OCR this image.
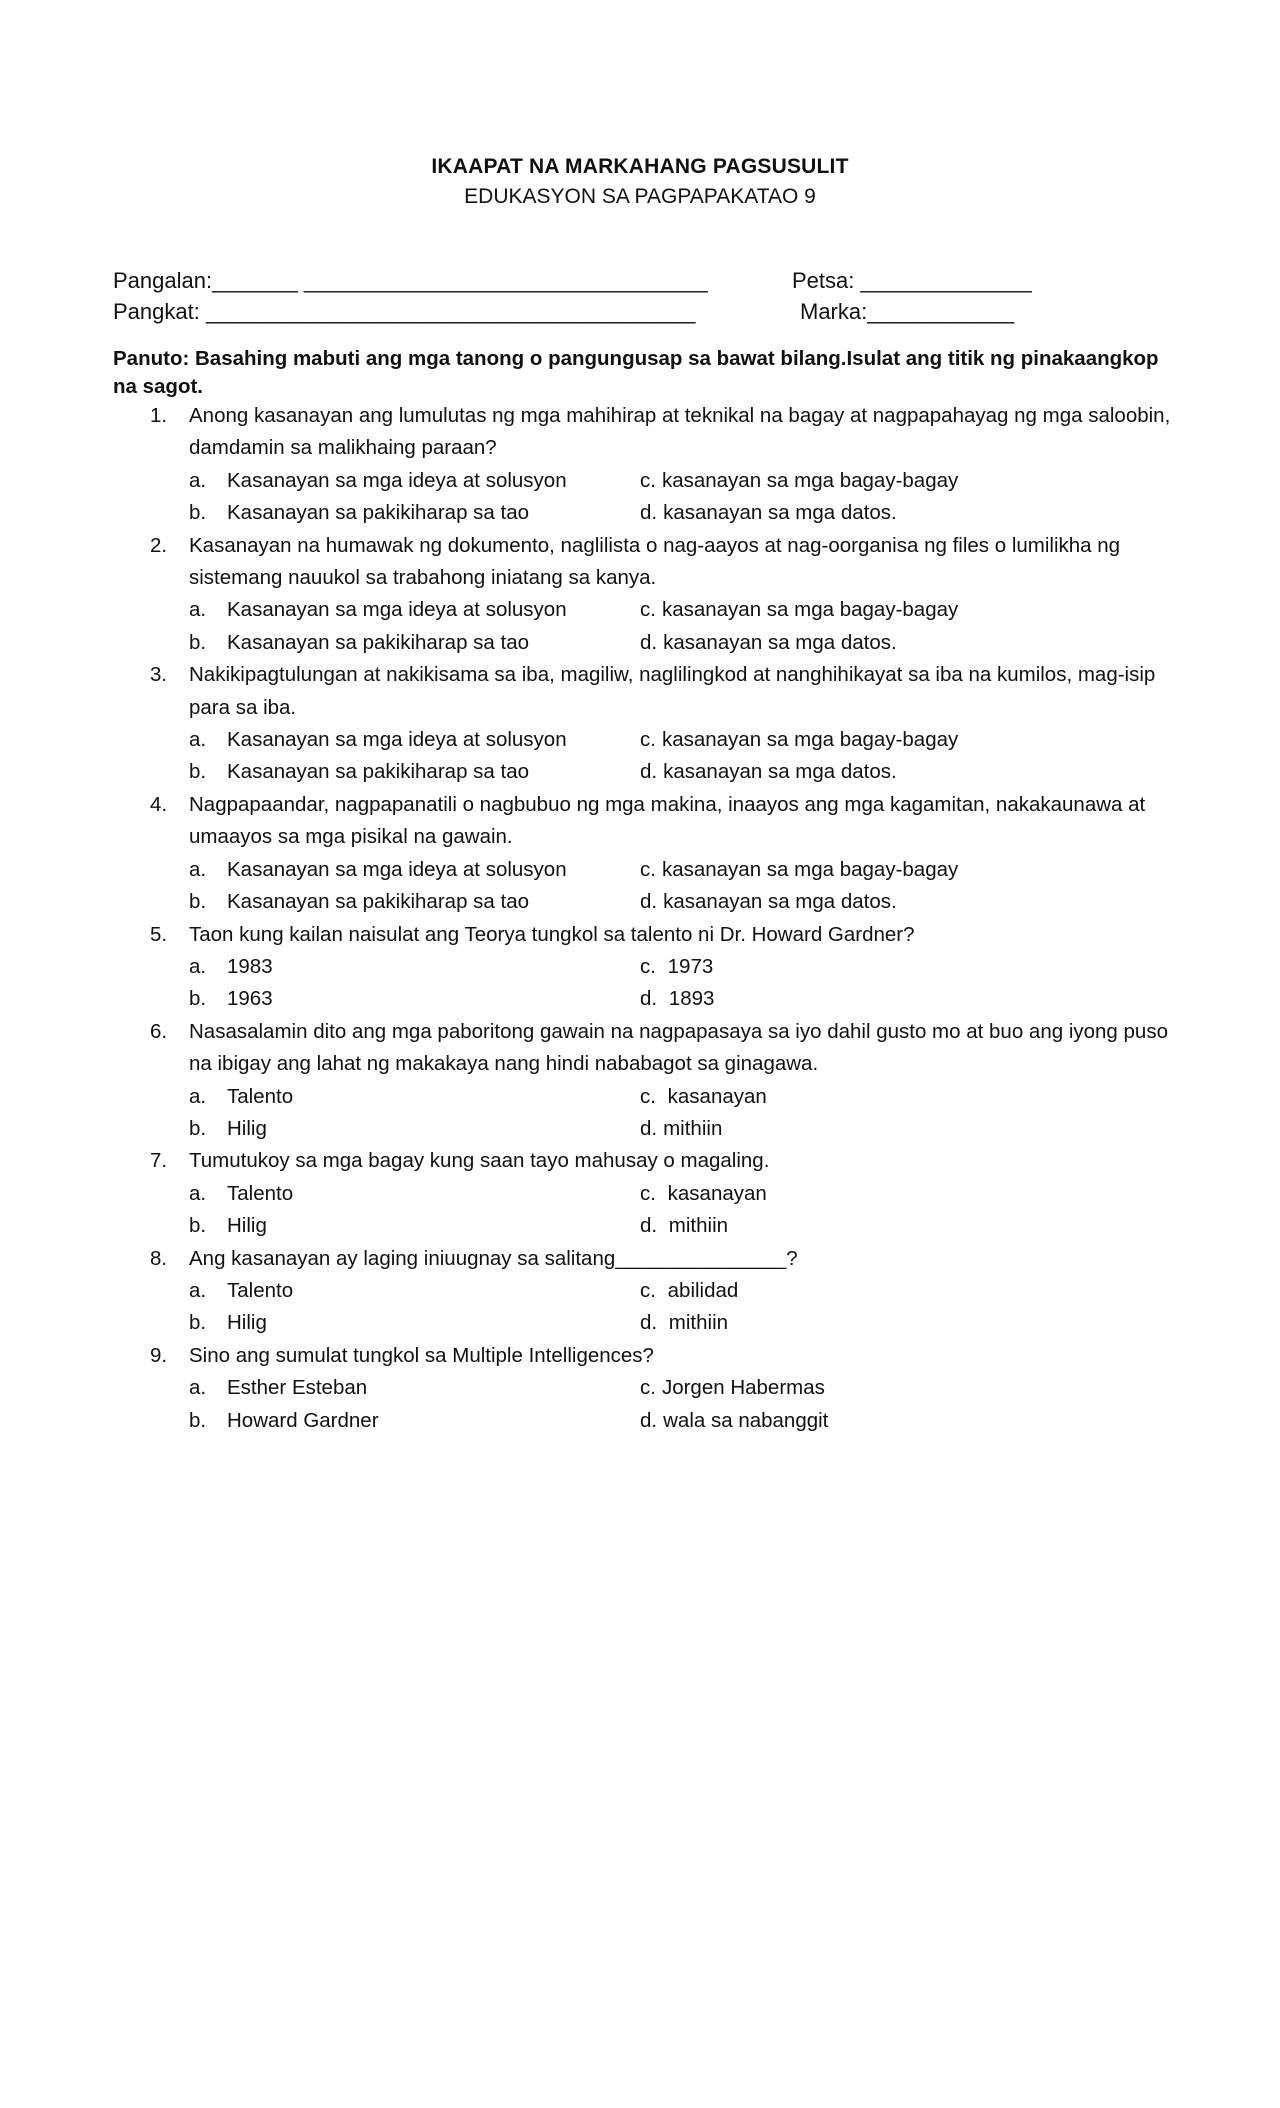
IKAAPAT NA MARKAHANG PAGSUSULIT
EDUKASYON SA PAGPAPAKATAO 9
Pangalan:_______ _________________________________	Petsa: ______________
Pangkat: ________________________________________	Marka:____________
Panuto: Basahing mabuti ang mga tanong o pangungusap sa bawat bilang.Isulat ang titik ng pinakaangkop na sagot.
1. Anong kasanayan ang lumulutas ng mga mahihirap at teknikal na bagay at nagpapahayag ng mga saloobin, damdamin sa malikhaing paraan?
a. Kasanayan sa mga ideya at solusyon	c. kasanayan sa mga bagay-bagay
b. Kasanayan sa pakikiharap sa tao	d. kasanayan sa mga datos.
2. Kasanayan na humawak ng dokumento, naglilista o nag-aayos at nag-oorganisa ng files o lumilikha ng sistemang nauukol sa trabahong iniatang sa kanya.
a. Kasanayan sa mga ideya at solusyon	c. kasanayan sa mga bagay-bagay
b. Kasanayan sa pakikiharap sa tao	d. kasanayan sa mga datos.
3. Nakikipagtulungan at nakikisama sa iba, magiliw, naglilingkod at nanghihikayat sa iba na kumilos, mag-isip para sa iba.
a. Kasanayan sa mga ideya at solusyon	c. kasanayan sa mga bagay-bagay
b. Kasanayan sa pakikiharap sa tao	d. kasanayan sa mga datos.
4. Nagpapaandar, nagpapanatili o nagbubuo ng mga makina, inaayos ang mga kagamitan, nakakaunawa at umaayos sa mga pisikal na gawain.
a. Kasanayan sa mga ideya at solusyon	c. kasanayan sa mga bagay-bagay
b. Kasanayan sa pakikiharap sa tao	d. kasanayan sa mga datos.
5. Taon kung kailan naisulat ang Teorya tungkol sa talento ni Dr. Howard Gardner?
a. 1983	c. 1973
b. 1963	d. 1893
6. Nasasalamin dito ang mga paboritong gawain na nagpapasaya sa iyo dahil gusto mo at buo ang iyong puso na ibigay ang lahat ng makakaya nang hindi nababagot sa ginagawa.
a. Talento	c. kasanayan
b. Hilig	d. mithiin
7. Tumutukoy sa mga bagay kung saan tayo mahusay o magaling.
a. Talento	c. kasanayan
b. Hilig	d. mithiin
8. Ang kasanayan ay laging iniuugnay sa salitang_______________?
a. Talento	c. abilidad
b. Hilig	d. mithiin
9. Sino ang sumulat tungkol sa Multiple Intelligences?
a. Esther Esteban	c. Jorgen Habermas
b. Howard Gardner	d. wala sa nabanggit
